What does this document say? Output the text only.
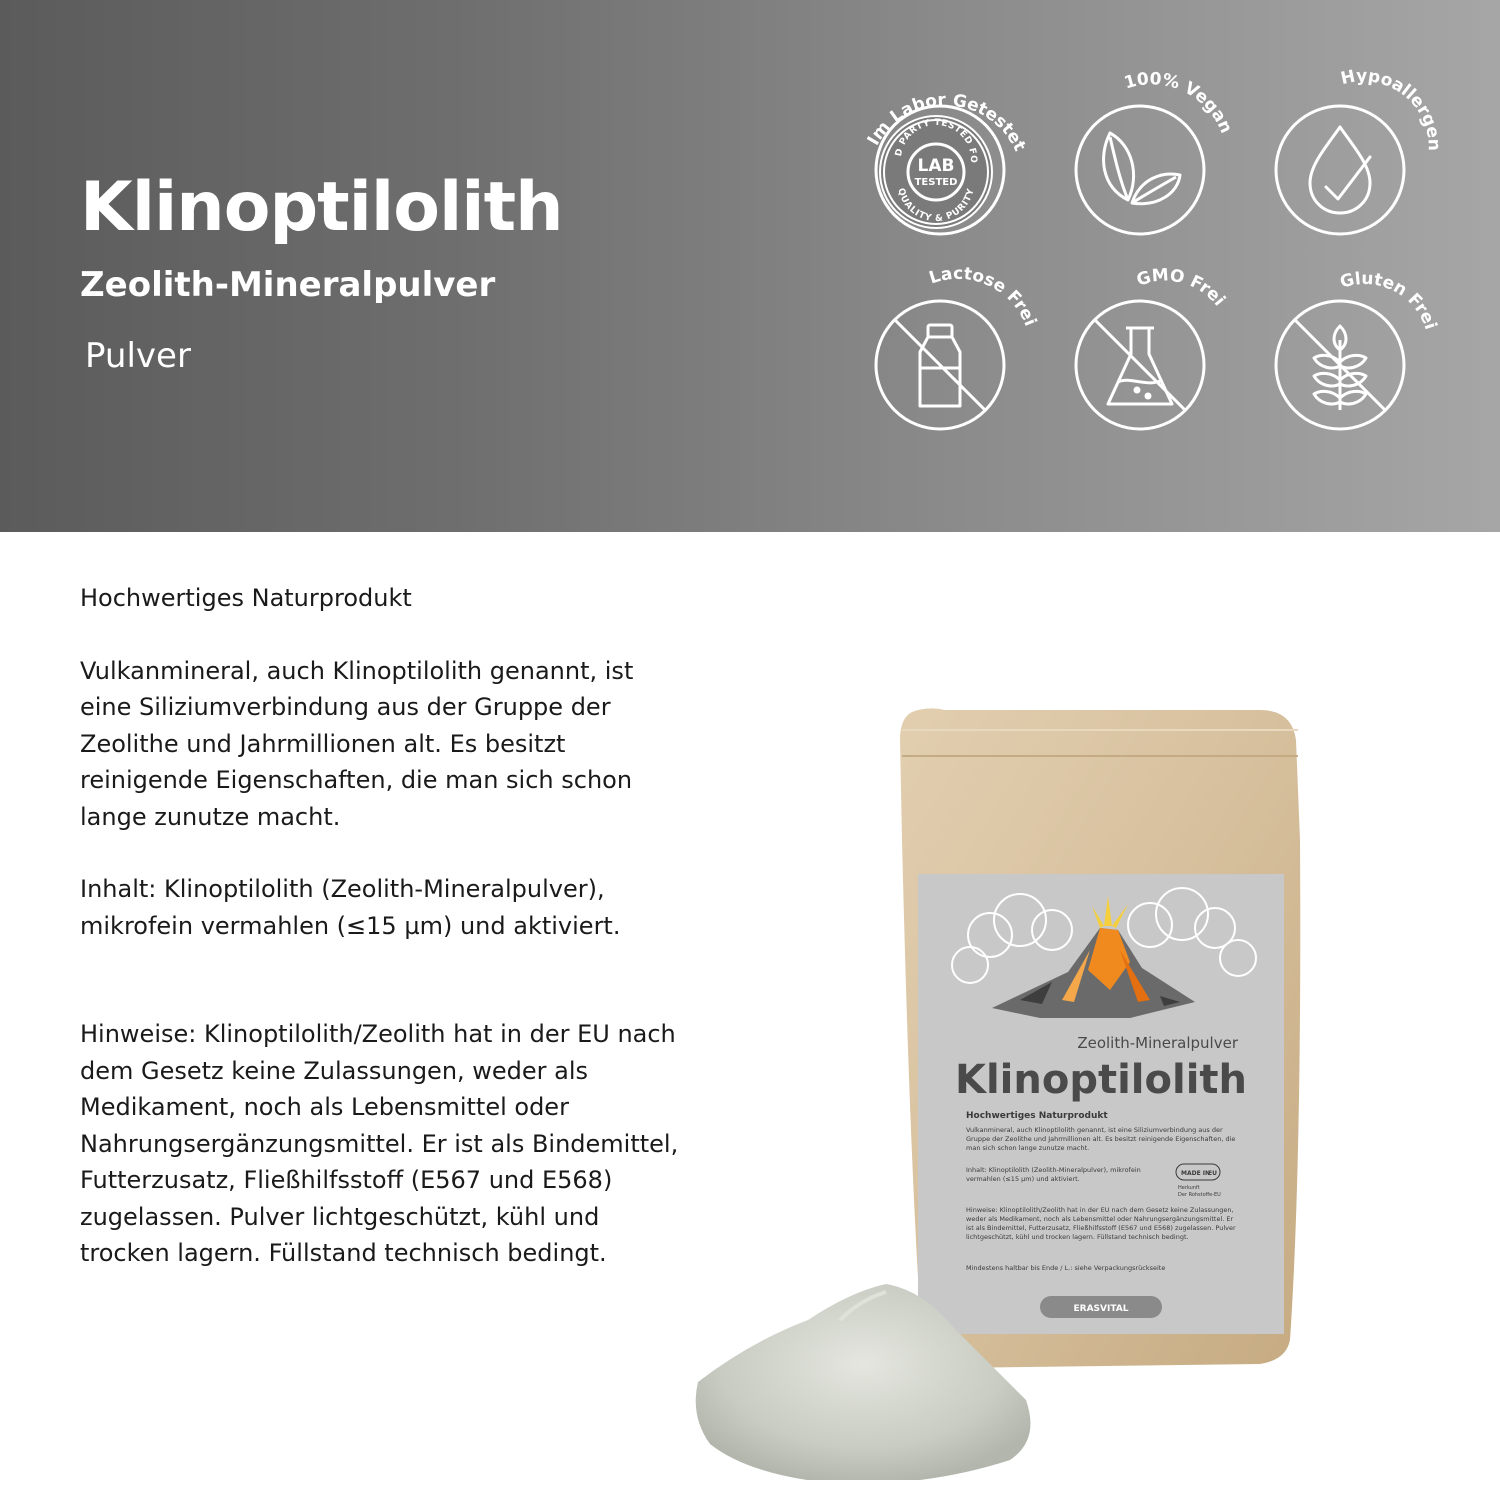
Klinoptilolith
Zeolith-Mineralpulver
Pulver
Im Labor Getestet
3RD PARTY TESTED FOR
QUALITY & PURITY
LAB
TESTED
100% Vegan
Hypoallergen
Lactose Frei
GMO Frei
Gluten Frei

Hochwertiges Naturprodukt

Vulkanmineral, auch Klinoptilolith genannt, ist eine Siliziumverbindung aus der Gruppe der Zeolithe und Jahrmillionen alt. Es besitzt reinigende Eigenschaften, die man sich schon lange zunutze macht.

Inhalt: Klinoptilolith (Zeolith-Mineralpulver), mikrofein vermahlen (≤15 µm) und aktiviert.

Hinweise: Klinoptilolith/Zeolith hat in der EU nach dem Gesetz keine Zulassungen, weder als Medikament, noch als Lebensmittel oder Nahrungsergänzungsmittel. Er ist als Bindemittel, Futterzusatz, Fließhilfsstoff (E567 und E568) zugelassen. Pulver lichtgeschützt, kühl und trocken lagern. Füllstand technisch bedingt.

Zeolith-Mineralpulver
Klinoptilolith
Hochwertiges Naturprodukt
Vulkanmineral, auch Klinoptilolith genannt, ist eine Siliziumverbindung aus der
Gruppe der Zeolithe und Jahrmillionen alt. Es besitzt reinigende Eigenschaften, die
man sich schon lange zunutze macht.
Inhalt: Klinoptilolith (Zeolith-Mineralpulver), mikrofein
vermahlen (≤15 µm) und aktiviert.
Hinweise: Klinoptilolith/Zeolith hat in der EU nach dem Gesetz keine Zulassungen,
weder als Medikament, noch als Lebensmittel oder Nahrungsergänzungsmittel. Er
ist als Bindemittel, Futterzusatz, Fließhilfsstoff (E567 und E568) zugelassen. Pulver
lichtgeschützt, kühl und trocken lagern. Füllstand technisch bedingt.
Mindestens haltbar bis Ende / L.: siehe Verpackungsrückseite
MADE IN
EU
Herkunft
Der Rohstoffe-EU
ERASVITAL
